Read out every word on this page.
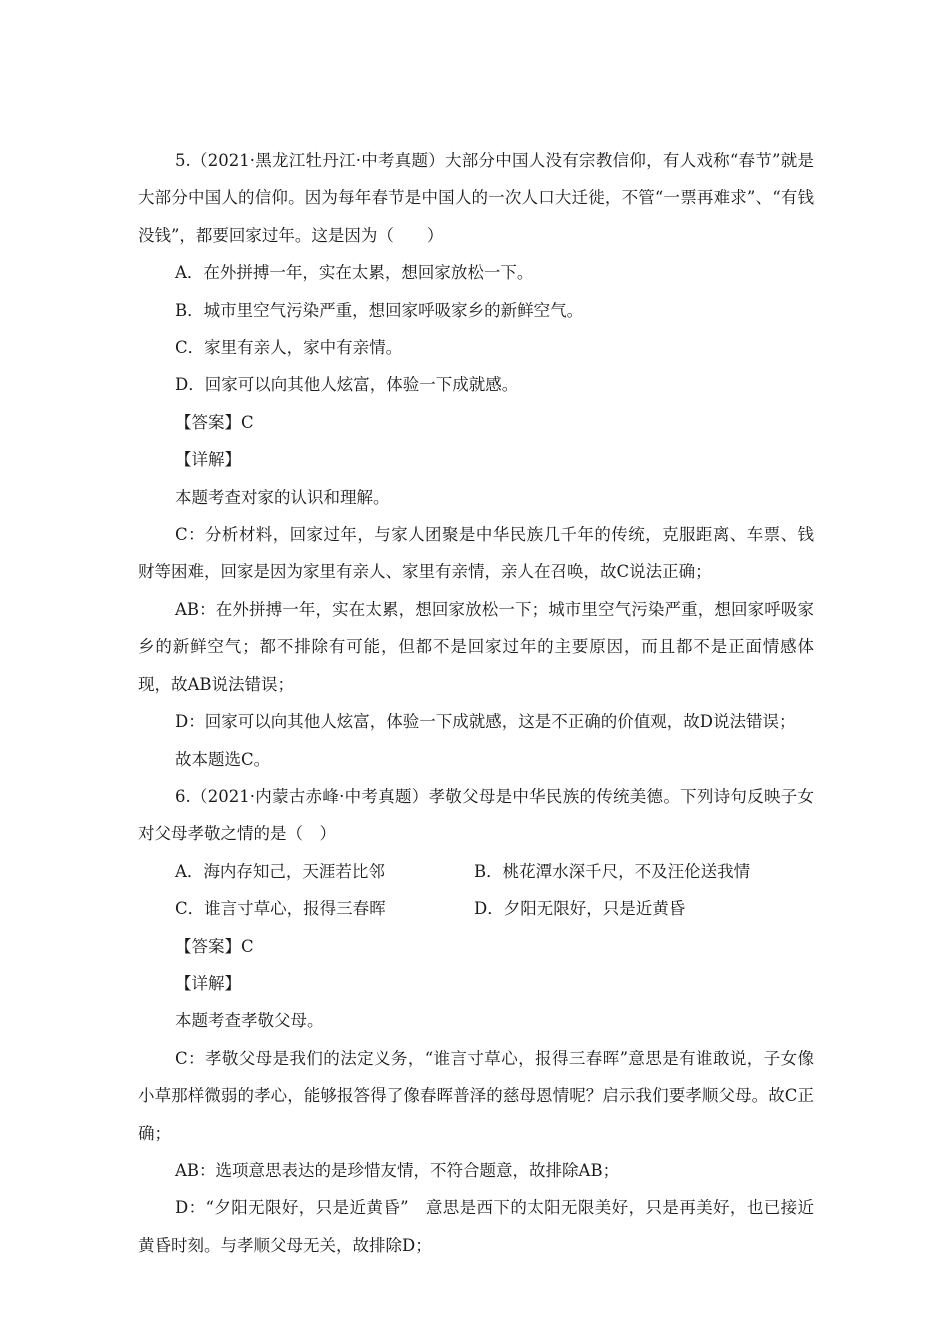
5.（2021·黑龙江牡丹江·中考真题）大部分中国人没有宗教信仰，有人戏称“春节”就是大部分中国人的信仰。因为每年春节是中国人的一次人口大迁徙，不管“一票再难求”、“有钱没钱”，都要回家过年。这是因为（　　）

A．在外拼搏一年，实在太累，想回家放松一下。

B．城市里空气污染严重，想回家呼吸家乡的新鲜空气。

C．家里有亲人，家中有亲情。

D．回家可以向其他人炫富，体验一下成就感。

【答案】C

【详解】

本题考查对家的认识和理解。

C：分析材料，回家过年，与家人团聚是中华民族几千年的传统，克服距离、车票、钱财等困难，回家是因为家里有亲人、家里有亲情，亲人在召唤，故C说法正确；

AB：在外拼搏一年，实在太累，想回家放松一下；城市里空气污染严重，想回家呼吸家乡的新鲜空气；都不排除有可能，但都不是回家过年的主要原因，而且都不是正面情感体现，故AB说法错误；

D：回家可以向其他人炫富，体验一下成就感，这是不正确的价值观，故D说法错误；

故本题选C。

6.（2021·内蒙古赤峰·中考真题）孝敬父母是中华民族的传统美德。下列诗句反映子女对父母孝敬之情的是（　）

A．海内存知己，天涯若比邻	B．桃花潭水深千尺，不及汪伦送我情
C．谁言寸草心，报得三春晖	D．夕阳无限好，只是近黄昏

【答案】C

【详解】

本题考查孝敬父母。

C：孝敬父母是我们的法定义务，“谁言寸草心，报得三春晖”意思是有谁敢说，子女像小草那样微弱的孝心，能够报答得了像春晖普泽的慈母恩情呢？启示我们要孝顺父母。故C正确；

AB：选项意思表达的是珍惜友情，不符合题意，故排除AB；

D：“夕阳无限好，只是近黄昏”　意思是西下的太阳无限美好，只是再美好，也已接近黄昏时刻。与孝顺父母无关，故排除D；
